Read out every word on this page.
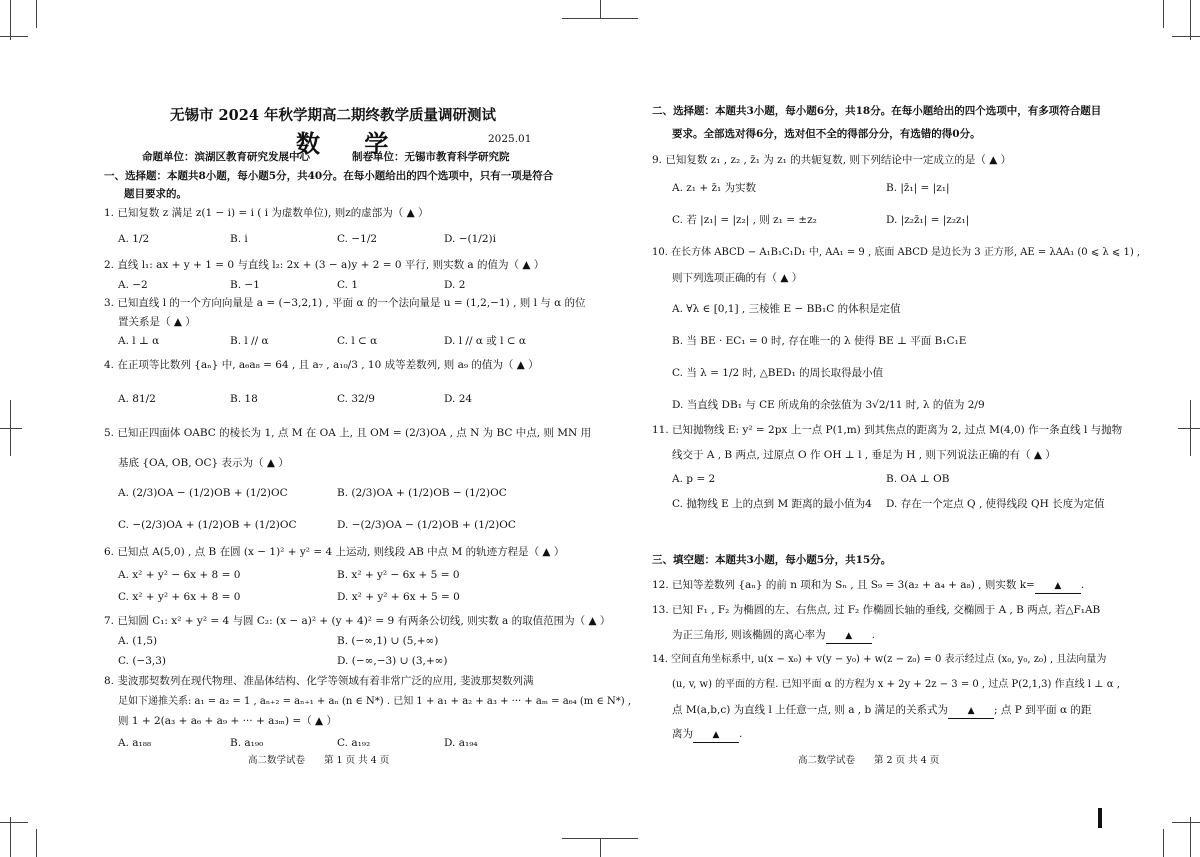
无锡市 2024 年秋学期高二期终教学质量调研测试
数 学	2025.01
命题单位：滨湖区教育研究发展中心　　　　制卷单位：无锡市教育科学研究院
一、选择题：本题共8小题，每小题5分，共40分。在每小题给出的四个选项中，只有一项是符合
题目要求的。
1. 已知复数 z 满足 z(1 − i) = i ( i 为虚数单位), 则z的虚部为（ ▲ ）
A. 1/2	B. i	C. −1/2	D. −(1/2)i
2. 直线 l₁: ax + y + 1 = 0 与直线 l₂: 2x + (3 − a)y + 2 = 0 平行, 则实数 a 的值为（ ▲ ）
A. −2	B. −1	C. 1	D. 2
3. 已知直线 l 的一个方向向量是 a = (−3,2,1) , 平面 α 的一个法向量是 u = (1,2,−1) , 则 l 与 α 的位
置关系是（ ▲ ）
A. l ⊥ α	B. l // α	C. l ⊂ α	D. l // α 或 l ⊂ α
4. 在正项等比数列 {aₙ} 中, a₆a₈ = 64 , 且 a₇ , a₁₀/3 , 10 成等差数列, 则 a₉ 的值为（ ▲ ）
A. 81/2	B. 18	C. 32/9	D. 24
5. 已知正四面体 OABC 的棱长为 1, 点 M 在 OA 上, 且 OM = (2/3)OA , 点 N 为 BC 中点, 则 MN 用
基底 {OA, OB, OC} 表示为（ ▲ ）
A. (2/3)OA − (1/2)OB + (1/2)OC	B. (2/3)OA + (1/2)OB − (1/2)OC
C. −(2/3)OA + (1/2)OB + (1/2)OC	D. −(2/3)OA − (1/2)OB + (1/2)OC
6. 已知点 A(5,0) , 点 B 在圆 (x − 1)² + y² = 4 上运动, 则线段 AB 中点 M 的轨迹方程是（ ▲ ）
A. x² + y² − 6x + 8 = 0	B. x² + y² − 6x + 5 = 0
C. x² + y² + 6x + 8 = 0	D. x² + y² + 6x + 5 = 0
7. 已知圆 C₁: x² + y² = 4 与圆 C₂: (x − a)² + (y + 4)² = 9 有两条公切线, 则实数 a 的取值范围为（ ▲ ）
A. (1,5)	B. (−∞,1) ∪ (5,+∞)
C. (−3,3)	D. (−∞,−3) ∪ (3,+∞)
8. 斐波那契数列在现代物理、准晶体结构、化学等领域有着非常广泛的应用, 斐波那契数列满
足如下递推关系: a₁ = a₂ = 1 , aₙ₊₂ = aₙ₊₁ + aₙ (n ∈ N*) . 已知 1 + a₁ + a₂ + a₃ + ··· + aₘ = a₆₄ (m ∈ N*) ,
则 1 + 2(a₃ + a₆ + a₉ + ··· + a₃ₘ) =（ ▲ ）
A. a₁₈₈	B. a₁₉₀	C. a₁₉₂	D. a₁₉₄
高二数学试卷　　第 1 页 共 4 页
二、选择题：本题共3小题，每小题6分，共18分。在每小题给出的四个选项中，有多项符合题目
要求。全部选对得6分，选对但不全的得部分分，有选错的得0分。
9. 已知复数 z₁ , z₂ , z̄₁ 为 z₁ 的共轭复数, 则下列结论中一定成立的是（ ▲ ）
A. z₁ + z̄₁ 为实数	B. |z̄₁| = |z₁|
C. 若 |z₁| = |z₂| , 则 z₁ = ±z₂	D. |z₂z̄₁| = |z₂z₁|
10. 在长方体 ABCD − A₁B₁C₁D₁ 中, AA₁ = 9 , 底面 ABCD 是边长为 3 正方形, AE = λAA₁ (0 ⩽ λ ⩽ 1) ,
则下列选项正确的有（ ▲ ）
A. ∀λ ∈ [0,1] , 三棱锥 E − BB₁C 的体积是定值
B. 当 BE · EC₁ = 0 时, 存在唯一的 λ 使得 BE ⊥ 平面 B₁C₁E
C. 当 λ = 1/2 时, △BED₁ 的周长取得最小值
D. 当直线 DB₁ 与 CE 所成角的余弦值为 3√2/11 时, λ 的值为 2/9
11. 已知抛物线 E: y² = 2px 上一点 P(1,m) 到其焦点的距离为 2, 过点 M(4,0) 作一条直线 l 与抛物
线交于 A , B 两点, 过原点 O 作 OH ⊥ l , 垂足为 H , 则下列说法正确的有（ ▲ ）
A. p = 2	B. OA ⊥ OB
C. 抛物线 E 上的点到 M 距离的最小值为4 D. 存在一个定点 Q , 使得线段 QH 长度为定值
三、填空题：本题共3小题，每小题5分，共15分。
12. 已知等差数列 {aₙ} 的前 n 项和为 Sₙ , 且 S₉ = 3(a₂ + a₄ + a₈) , 则实数 k= ▲ .
13. 已知 F₁ , F₂ 为椭圆的左、右焦点, 过 F₂ 作椭圆长轴的垂线, 交椭圆于 A , B 两点, 若△F₁AB
为正三角形, 则该椭圆的离心率为 ▲ .
14. 空间直角坐标系中, u(x − x₀) + v(y − y₀) + w(z − z₀) = 0 表示经过点 (x₀, y₀, z₀) , 且法向量为
(u, v, w) 的平面的方程. 已知平面 α 的方程为 x + 2y + 2z − 3 = 0 , 过点 P(2,1,3) 作直线 l ⊥ α ,
点 M(a,b,c) 为直线 l 上任意一点, 则 a , b 满足的关系式为 ▲ ; 点 P 到平面 α 的距
离为 ▲ .
高二数学试卷　　第 2 页 共 4 页
